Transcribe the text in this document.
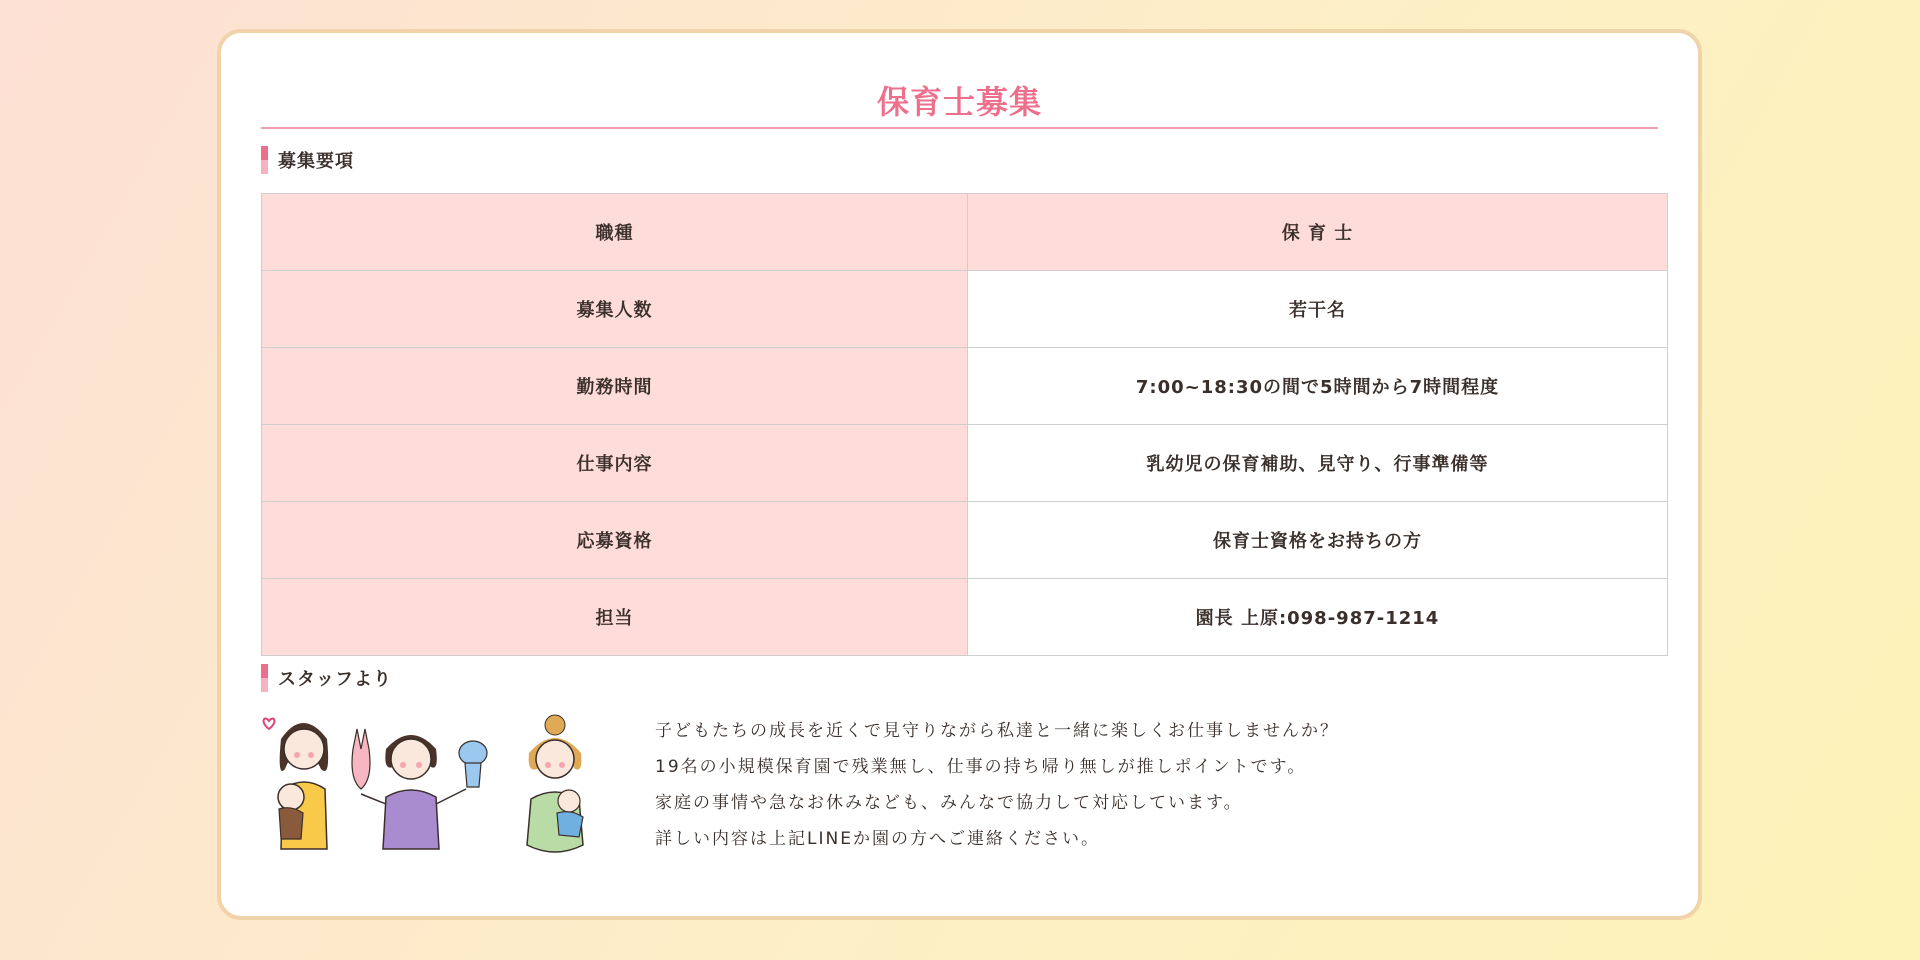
保育士募集
募集要項
職種	保 育 士
募集人数	若干名
勤務時間	7:00~18:30の間で5時間から7時間程度
仕事内容	乳幼児の保育補助、見守り、行事準備等
応募資格	保育士資格をお持ちの方
担当	園長 上原:098-987-1214
スタッフより

子どもたちの成長を近くで見守りながら私達と一緒に楽しくお仕事しませんか？

19名の小規模保育園で残業無し、仕事の持ち帰り無しが推しポイントです。

家庭の事情や急なお休みなども、みんなで協力して対応しています。

詳しい内容は上記LINEか園の方へご連絡ください。
